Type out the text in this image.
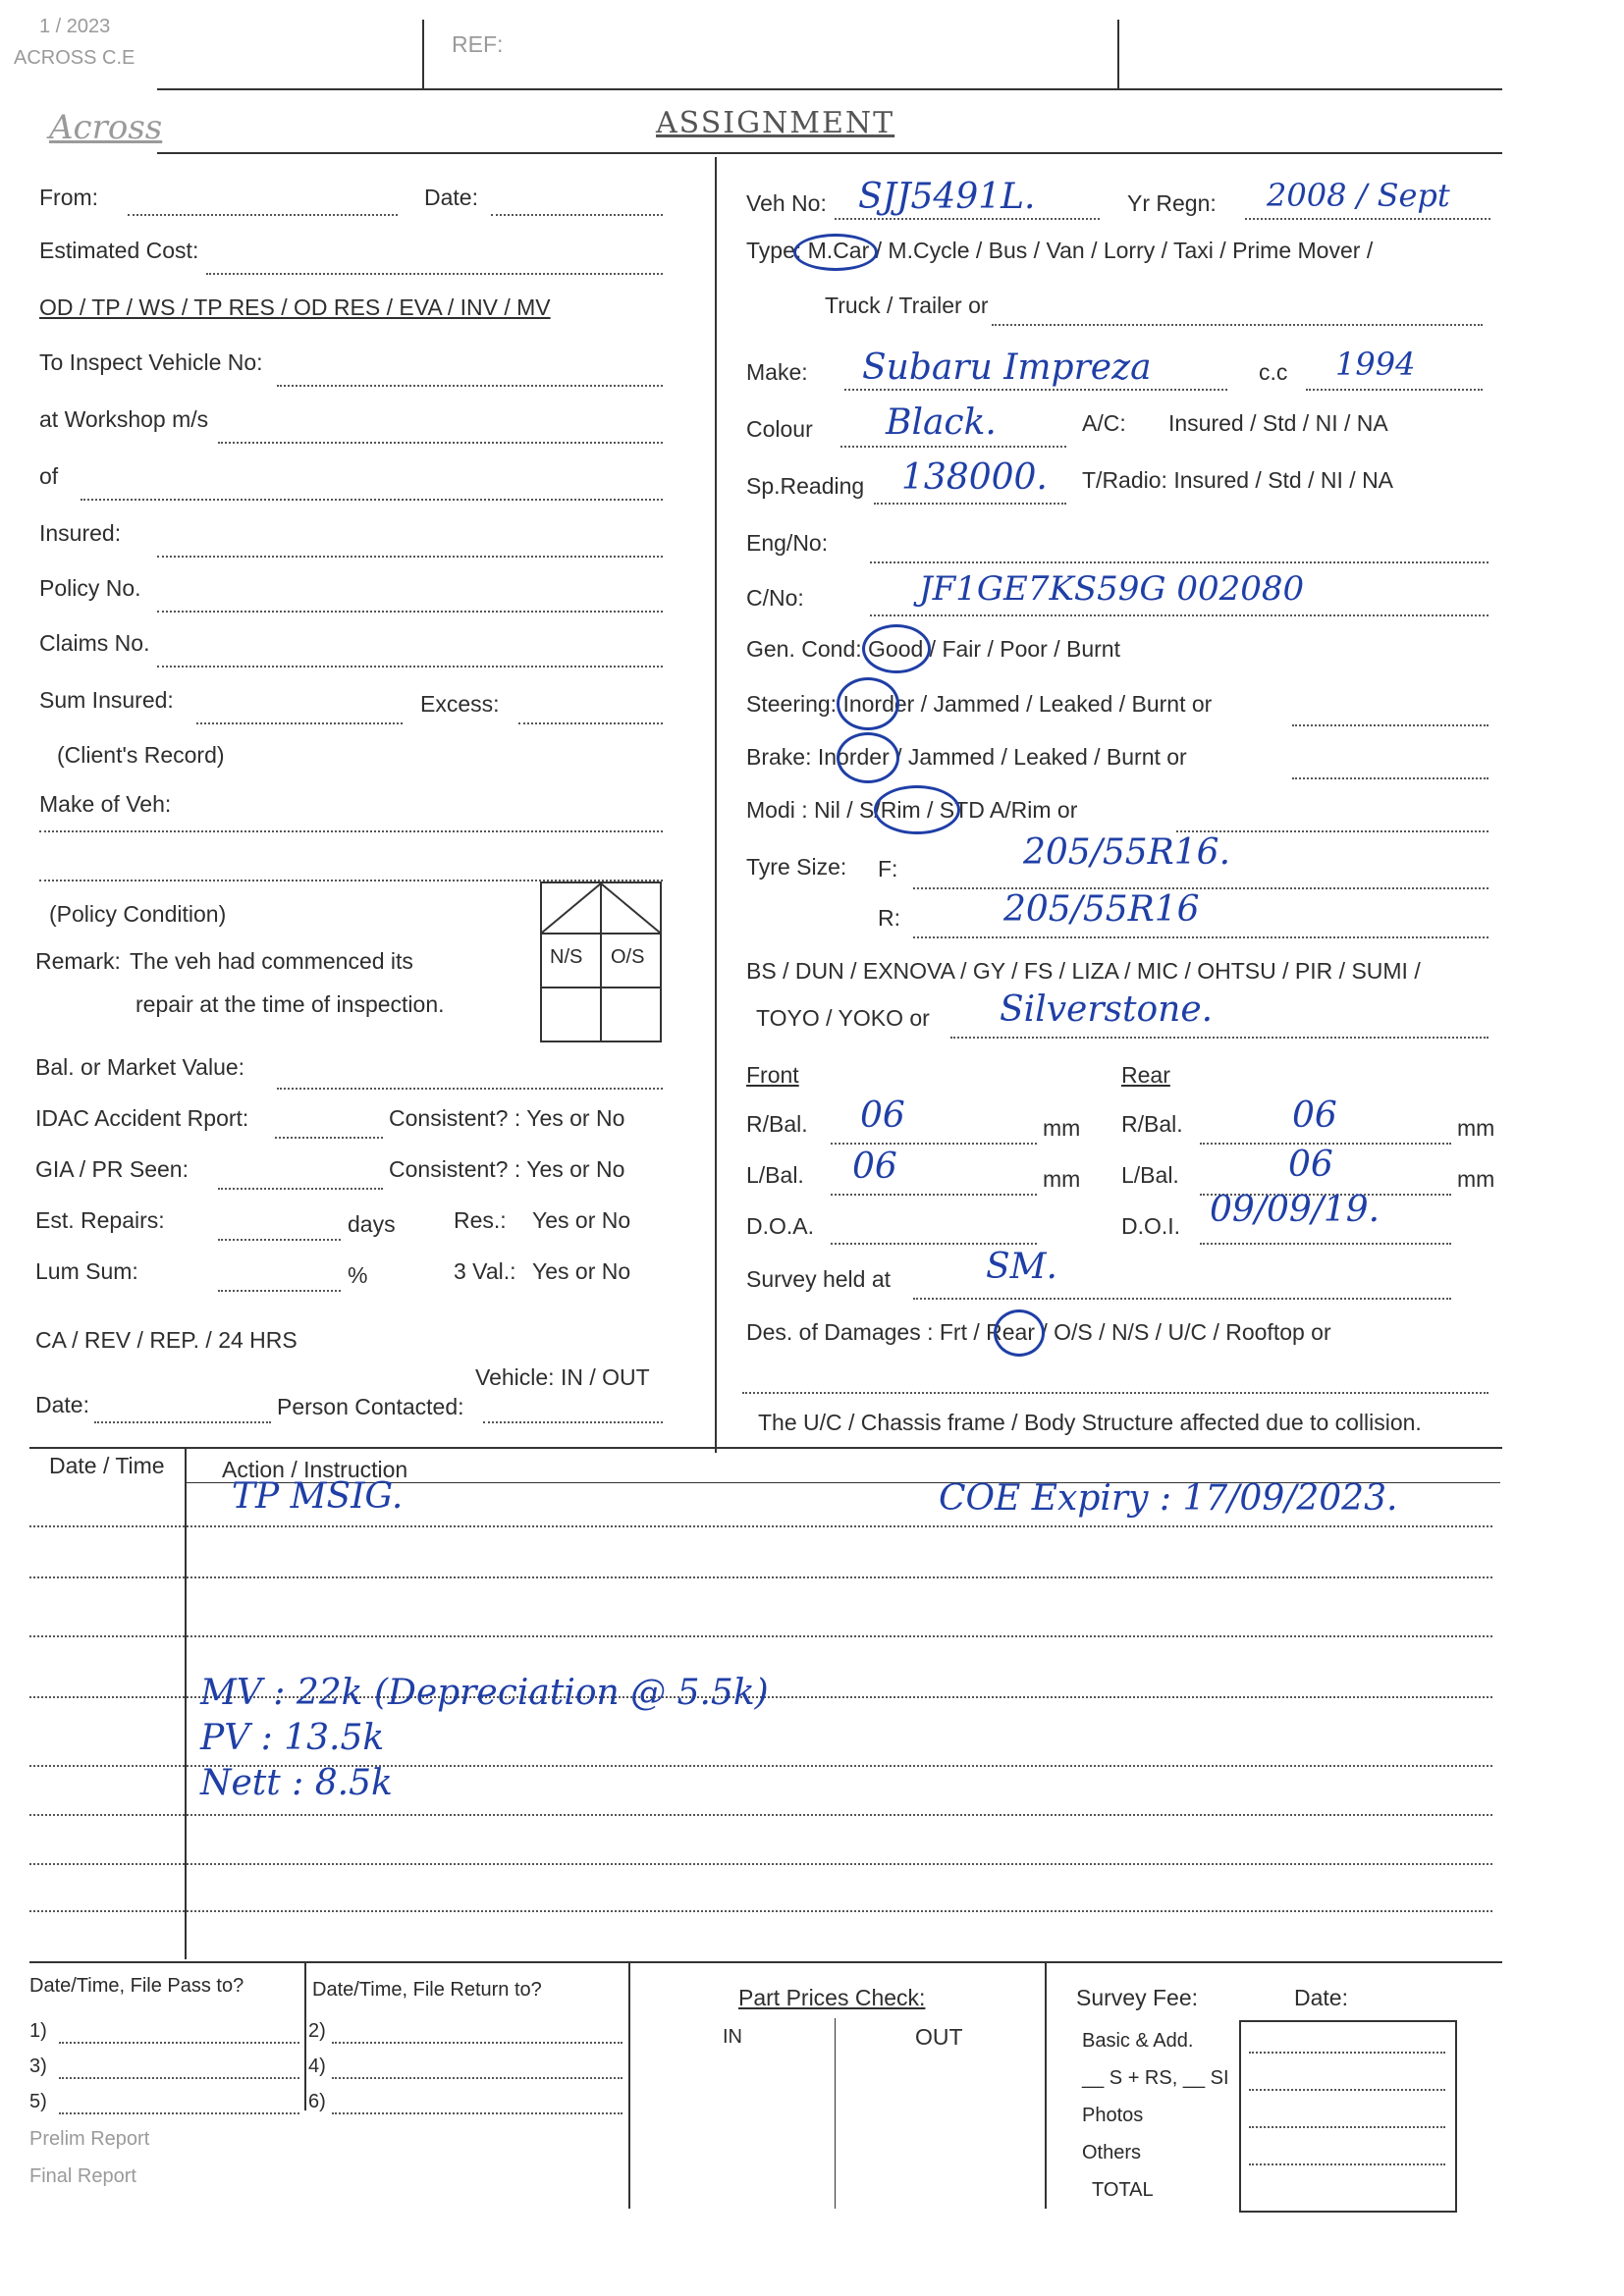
1 / 2023
ACROSS C.E
Across
REF:
ASSIGNMENT
From:	Date:
Estimated Cost:
OD / TP / WS / TP RES / OD RES / EVA / INV / MV
To Inspect Vehicle No:
at Workshop m/s
of
Insured:
Policy No.
Claims No.
Sum Insured:	Excess:
(Client's Record)
Make of Veh:
(Policy Condition)
N/S O/S
Remark: The veh had commenced its
repair at the time of inspection.
Bal. or Market Value:
IDAC Accident Rport:	Consistent? : Yes or No
GIA / PR Seen:	Consistent? : Yes or No
Est. Repairs:	days	Res.: Yes or No
Lum Sum:	%	3 Val.: Yes or No
CA / REV / REP. / 24 HRS
Vehicle: IN / OUT
Date:	Person Contacted:
Veh No: SJJ5491L.	Yr Regn: 2008 / Sept
Type: M.Car / M.Cycle / Bus / Van / Lorry / Taxi / Prime Mover /
Truck / Trailer or
Make: Subaru Impreza	c.c 1994
Colour Black.	A/C: Insured / Std / NI / NA
Sp.Reading 138000. T/Radio: Insured / Std / NI / NA
Eng/No:
C/No:	JF1GE7KS59G 002080
Gen. Cond: Good / Fair / Poor / Burnt
Steering: Inorder / Jammed / Leaked / Burnt or
Brake: Inorder / Jammed / Leaked / Burnt or
Modi : Nil / S/Rim / STD A/Rim or
Tyre Size: F:	205/55R16.
R:	205/55R16
BS / DUN / EXNOVA / GY / FS / LIZA / MIC / OHTSU / PIR / SUMI /
TOYO / YOKO or Silverstone.
Front	Rear
R/Bal. 06	mm R/Bal.	06	mm
L/Bal. 06	mm L/Bal.	06	mm
D.O.A.	D.O.I. 09/09/19.
Survey held at	SM.
Des. of Damages : Frt / Rear / O/S / N/S / U/C / Rooftop or
The U/C / Chassis frame / Body Structure affected due to collision.
Date / Time	Action / Instruction
TP MSIG.	COE Expiry : 17/09/2023.
MV : 22k (Depreciation @ 5.5k)
PV : 13.5k
Nett : 8.5k
Date/Time, File Pass to?	Date/Time, File Return to?
1)	2)
3)	4)
5)	6)
Prelim Report
Final Report
Part Prices Check:
IN	OUT
Survey Fee:	Date:
Basic & Add.
__ S + RS, __ SI
Photos
Others
TOTAL
